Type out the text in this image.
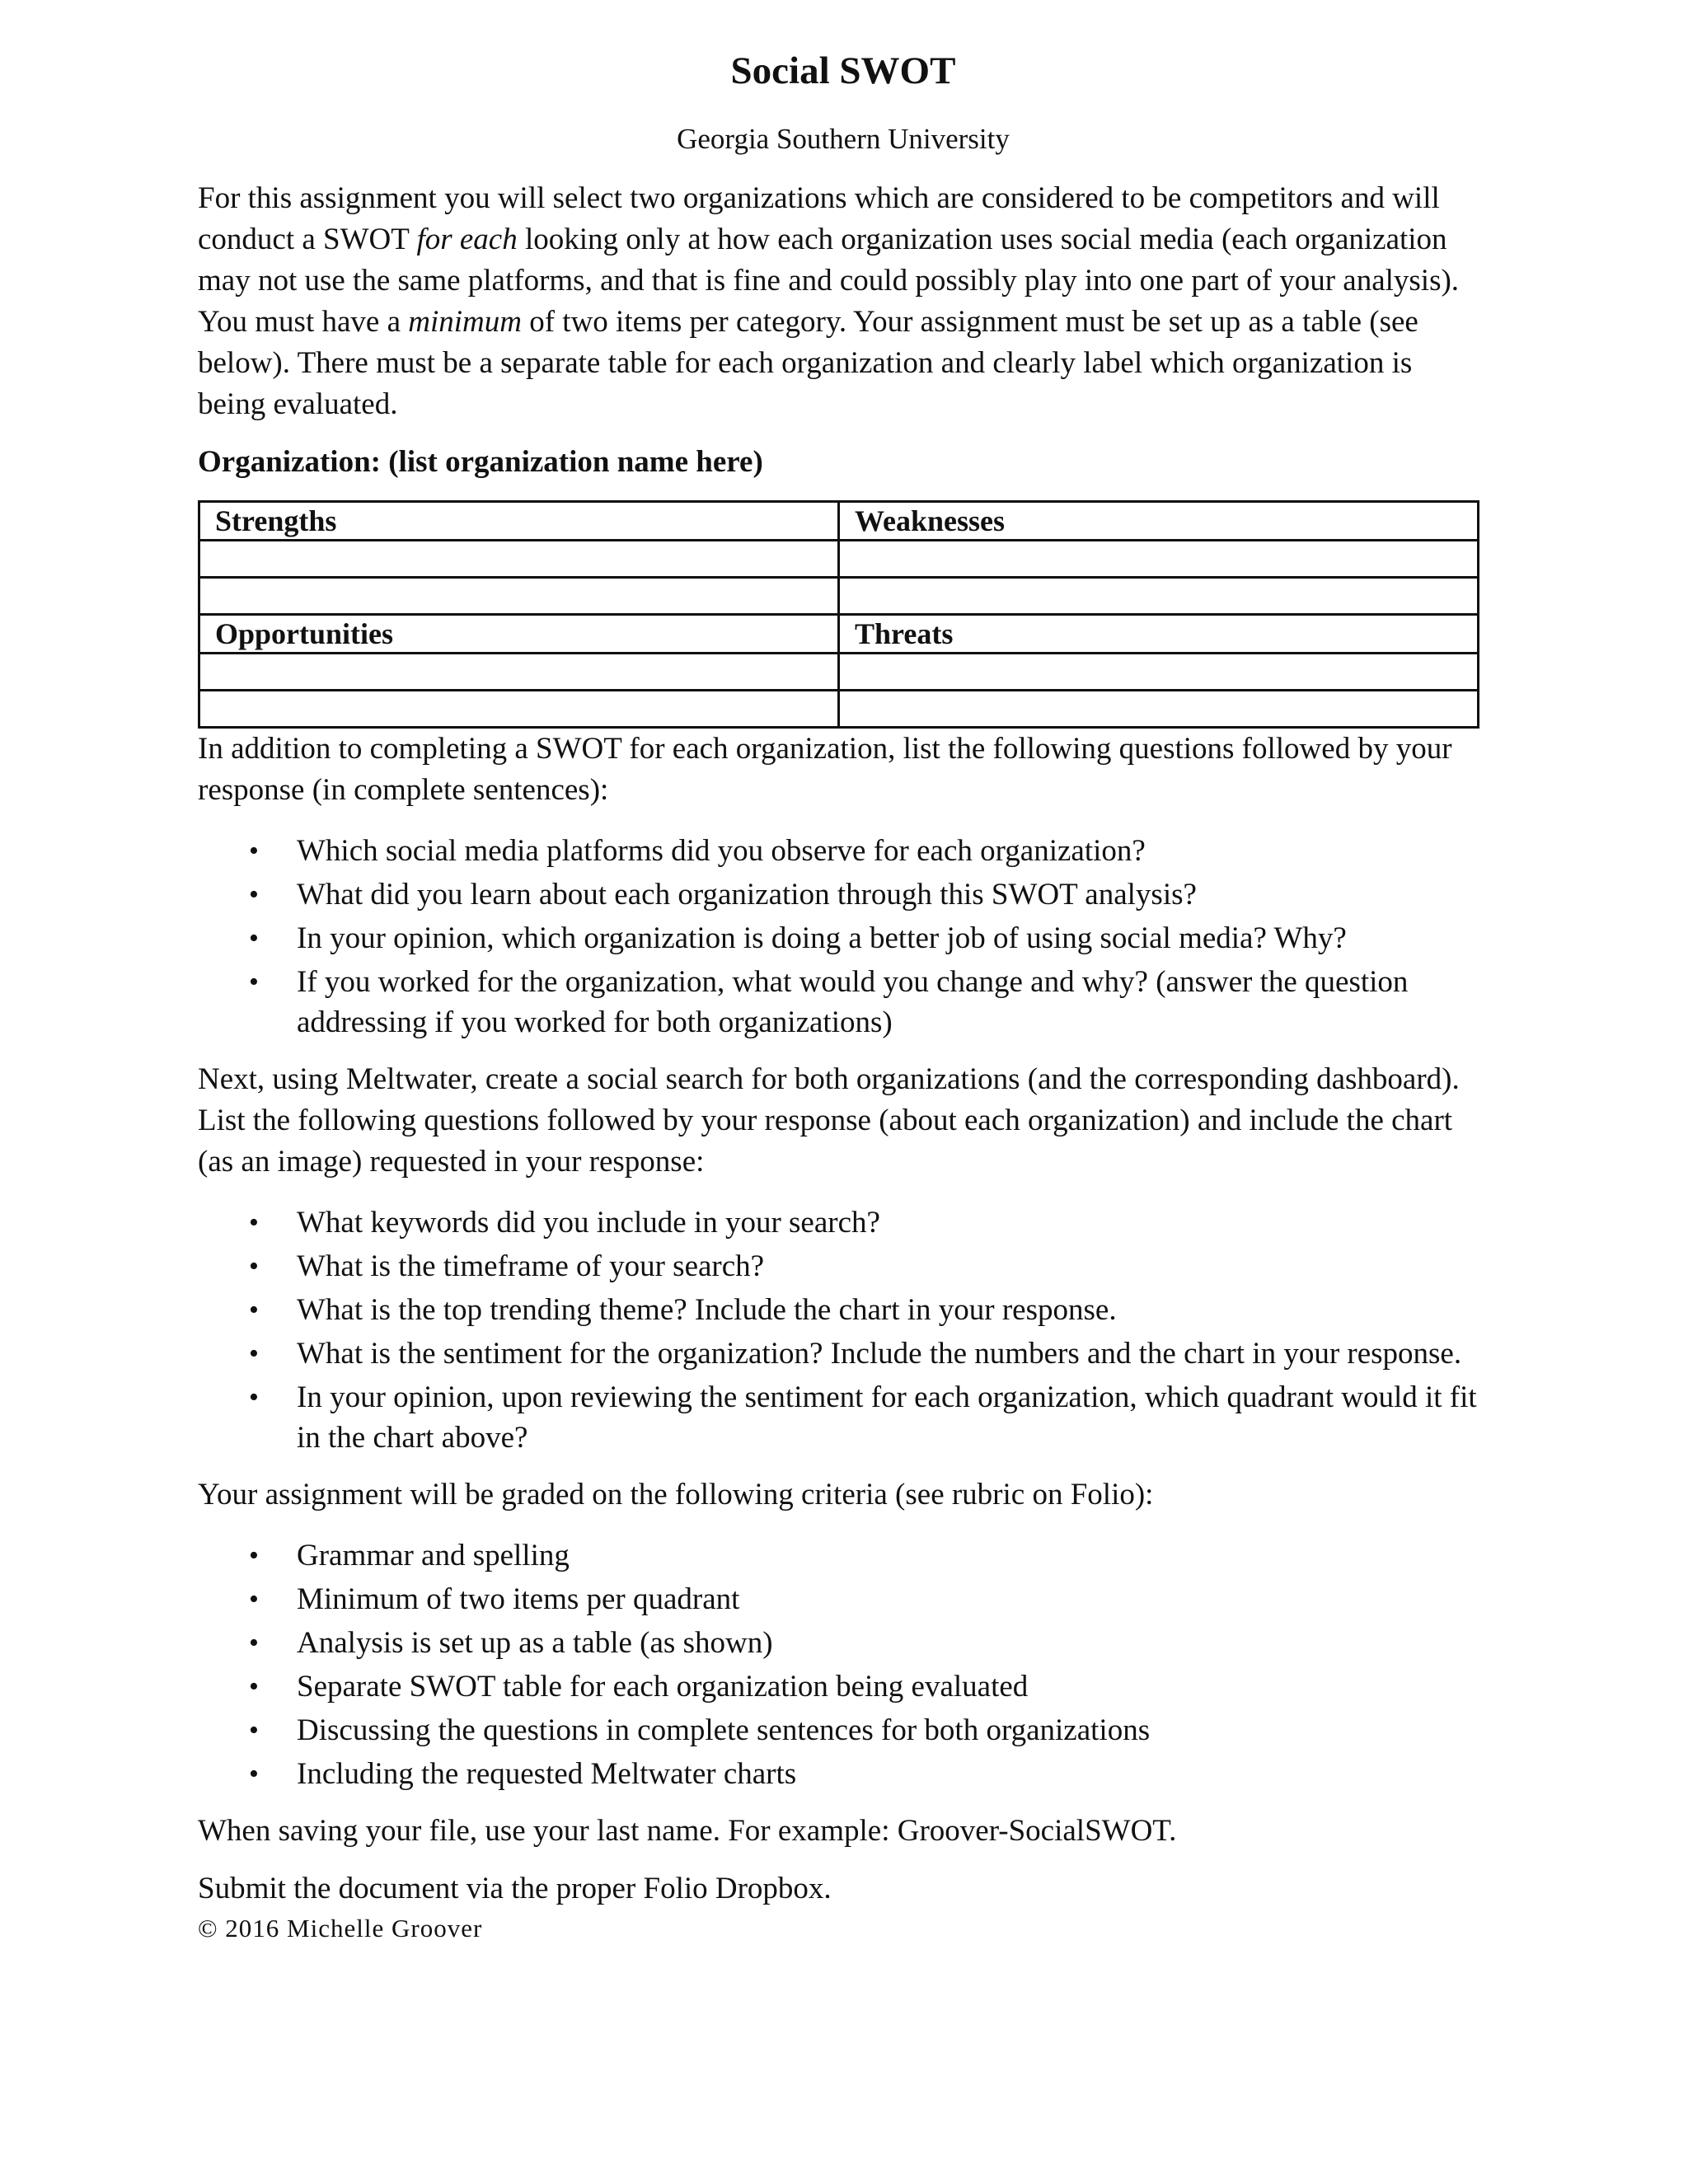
Social SWOT
Georgia Southern University

For this assignment you will select two organizations which are considered to be competitors and will conduct a SWOT for each looking only at how each organization uses social media (each organization may not use the same platforms, and that is fine and could possibly play into one part of your analysis). You must have a minimum of two items per category. Your assignment must be set up as a table (see below). There must be a separate table for each organization and clearly label which organization is being evaluated.

Organization: (list organization name here)
Strengths	Weaknesses

Opportunities	Threats

In addition to completing a SWOT for each organization, list the following questions followed by your response (in complete sentences):

• Which social media platforms did you observe for each organization?
• What did you learn about each organization through this SWOT analysis?
• In your opinion, which organization is doing a better job of using social media? Why?
• If you worked for the organization, what would you change and why? (answer the question addressing if you worked for both organizations)

Next, using Meltwater, create a social search for both organizations (and the corresponding dashboard). List the following questions followed by your response (about each organization) and include the chart (as an image) requested in your response:

• What keywords did you include in your search?
• What is the timeframe of your search?
• What is the top trending theme? Include the chart in your response.
• What is the sentiment for the organization? Include the numbers and the chart in your response.
• In your opinion, upon reviewing the sentiment for each organization, which quadrant would it fit in the chart above?

Your assignment will be graded on the following criteria (see rubric on Folio):

• Grammar and spelling
• Minimum of two items per quadrant
• Analysis is set up as a table (as shown)
• Separate SWOT table for each organization being evaluated
• Discussing the questions in complete sentences for both organizations
• Including the requested Meltwater charts

When saving your file, use your last name. For example: Groover-SocialSWOT.

Submit the document via the proper Folio Dropbox.

© 2016 Michelle Groover
